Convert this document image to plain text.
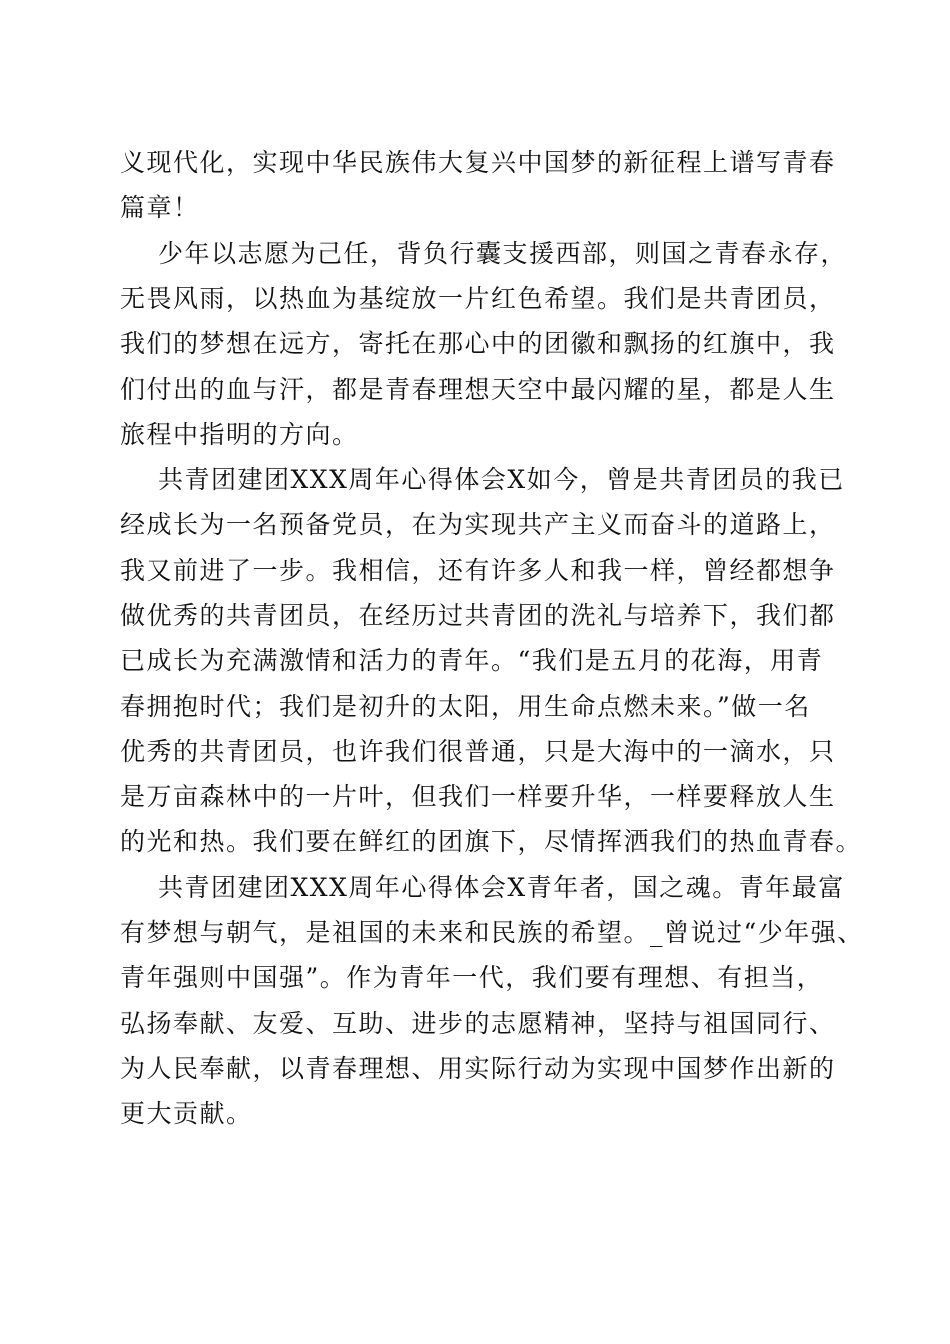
义现代化，实现中华民族伟大复兴中国梦的新征程上谱写青春
篇章！
少年以志愿为己任，背负行囊支援西部，则国之青春永存，
无畏风雨，以热血为基绽放一片红色希望。我们是共青团员，
我们的梦想在远方，寄托在那心中的团徽和飘扬的红旗中，我
们付出的血与汗，都是青春理想天空中最闪耀的星，都是人生
旅程中指明的方向。
共青团建团XXX周年心得体会X如今，曾是共青团员的我已
经成长为一名预备党员，在为实现共产主义而奋斗的道路上，
我又前进了一步。我相信，还有许多人和我一样，曾经都想争
做优秀的共青团员，在经历过共青团的洗礼与培养下，我们都
已成长为充满激情和活力的青年。“我们是五月的花海，用青
春拥抱时代；我们是初升的太阳，用生命点燃未来。”做一名
优秀的共青团员，也许我们很普通，只是大海中的一滴水，只
是万亩森林中的一片叶，但我们一样要升华，一样要释放人生
的光和热。我们要在鲜红的团旗下，尽情挥洒我们的热血青春。
共青团建团XXX周年心得体会X青年者，国之魂。青年最富
有梦想与朝气，是祖国的未来和民族的希望。_曾说过“少年强、
青年强则中国强”。作为青年一代，我们要有理想、有担当，
弘扬奉献、友爱、互助、进步的志愿精神，坚持与祖国同行、
为人民奉献，以青春理想、用实际行动为实现中国梦作出新的
更大贡献。
